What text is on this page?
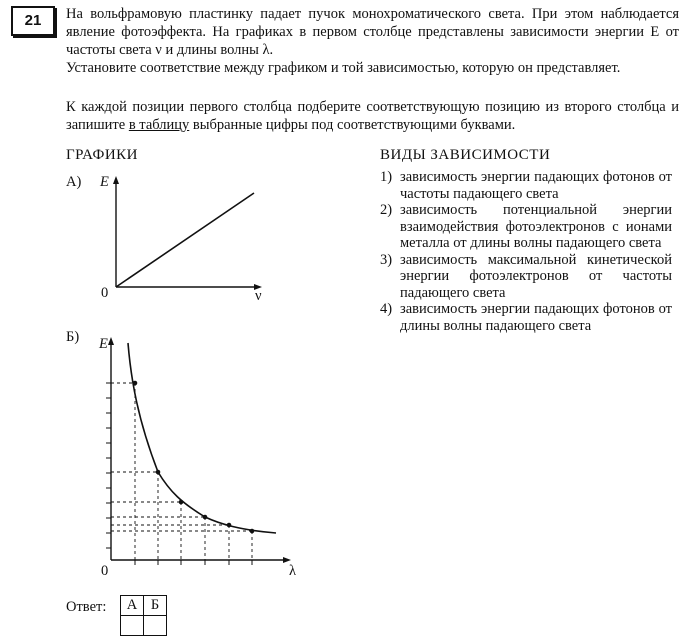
21	На вольфрамовую пластинку падает пучок монохроматического света. При этом наблюдается явление фотоэффекта. На графиках в первом столбце представлены зависимости энергии E от частоты света ν и длины волны λ.
Установите соответствие между графиком и той зависимостью, которую он представляет.

К каждой позиции первого столбца подберите соответствующую позицию из второго столбца и запишите в таблицу выбранные цифры под соответствующими буквами.

ГРАФИКИ	ВИДЫ ЗАВИСИМОСТИ
1) зависимость энергии падающих фотонов от частоты падающего света
2) зависимость потенциальной энергии взаимодействия фотоэлектронов с ионами металла от длины волны падающего света
3) зависимость максимальной кинетической энергии фотоэлектронов от частоты падающего света
4) зависимость энергии падающих фотонов от длины волны падающего света
А) E
0	ν
Б) E
0	λ
Ответ: А	Б
